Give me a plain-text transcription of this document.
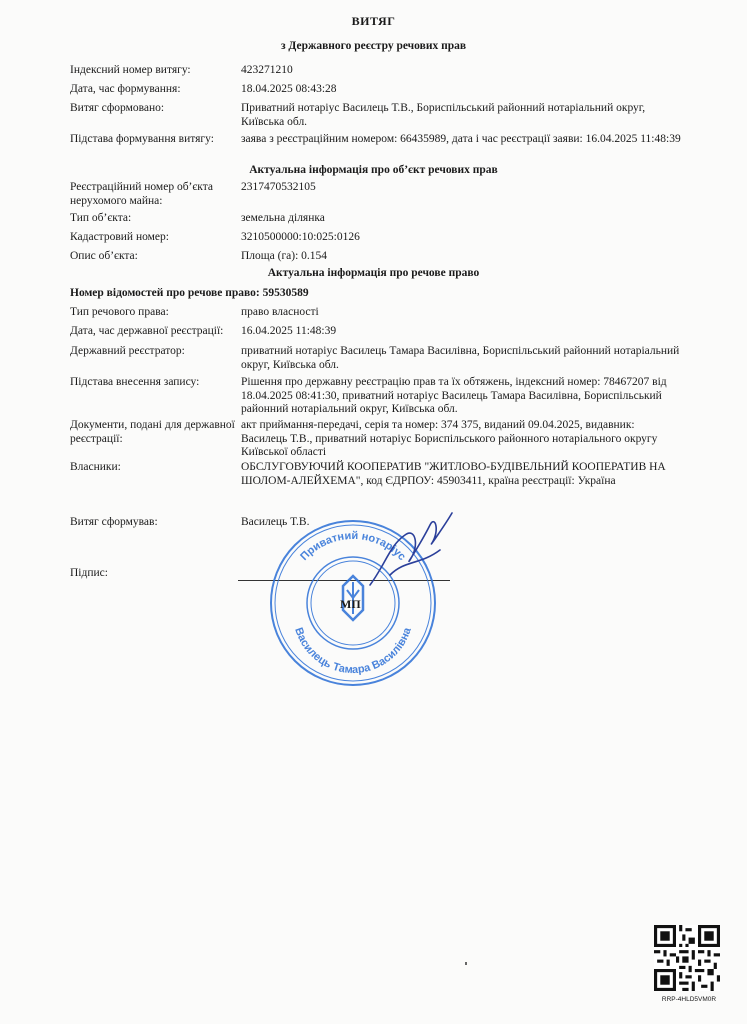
ВИТЯГ
з Державного реєстру речових прав
Індексний номер витягу:	423271210
Дата, час формування:	18.04.2025 08:43:28
Витяг сформовано:	Приватний нотаріус Василець Т.В., Бориспільський районний нотаріальний округ, Київська обл.
Підстава формування витягу:	заява з реєстраційним номером: 66435989, дата і час реєстрації заяви: 16.04.2025 11:48:39
Актуальна інформація про об’єкт речових прав
Реєстраційний номер об’єкта нерухомого майна:
2317470532105
Тип об’єкта:	земельна ділянка
Кадастровий номер:	3210500000:10:025:0126
Опис об’єкта:	Площа (га): 0.154
Актуальна інформація про речове право
Номер відомостей про речове право: 59530589
Тип речового права:	право власності
Дата, час державної реєстрації:	16.04.2025 11:48:39
Державний реєстратор:	приватний нотаріус Василець Тамара Василівна, Бориспільський районний нотаріальний округ, Київська обл.
Підстава внесення запису:	Рішення про державну реєстрацію прав та їх обтяжень, індексний номер: 78467207 від 18.04.2025 08:41:30, приватний нотаріус Василець Тамара Василівна, Бориспільський районний нотаріальний округ, Київська обл.
Документи, подані для державної реєстрації:
акт приймання-передачі, серія та номер: 374 375, виданий 09.04.2025, видавник: Василець Т.В., приватний нотаріус Бориспільського районного нотаріального округу Київської області
Власники:	ОБСЛУГОВУЮЧИЙ КООПЕРАТИВ "ЖИТЛОВО-БУДІВЕЛЬНИЙ КООПЕРАТИВ НА ШОЛОМ-АЛЕЙХЕМА", код ЄДРПОУ: 45903411, країна реєстрації: Україна
Витяг сформував:	Василець Т.В.
Підпис:
Приватний нотаріус
Василець Тамара Василівна
МП
RRP-4HLD5VM0R
